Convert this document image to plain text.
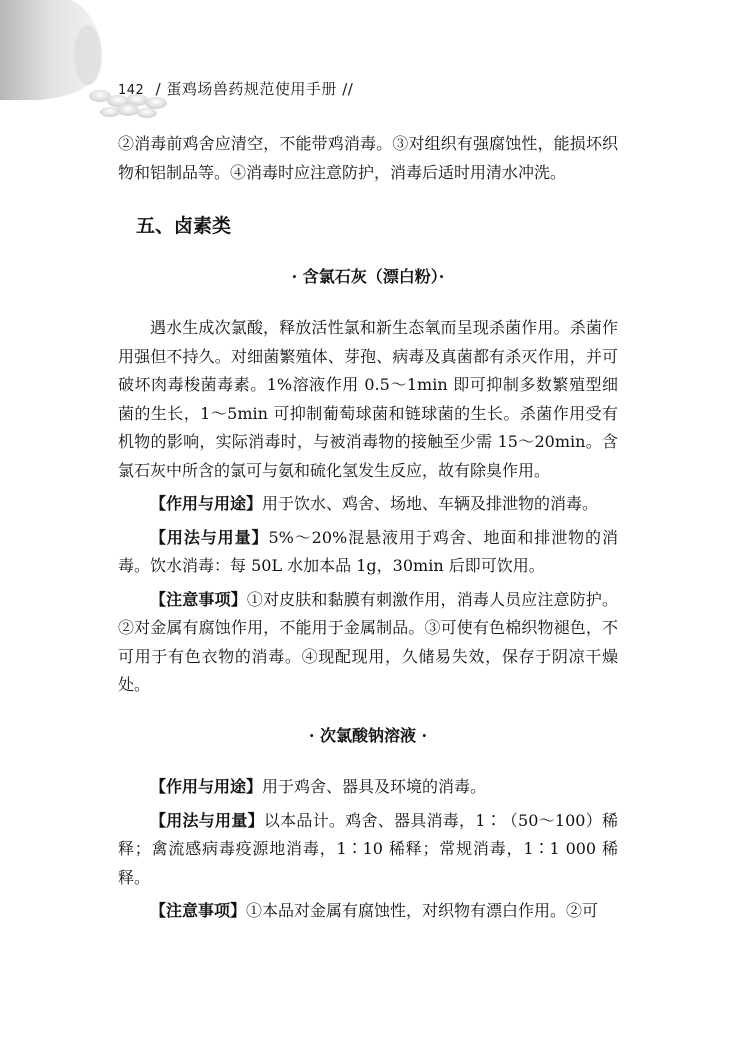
142 / 蛋鸡场兽药规范使用手册 //

②消毒前鸡舍应清空，不能带鸡消毒。③对组织有强腐蚀性，能损坏织物和铝制品等。④消毒时应注意防护，消毒后适时用清水冲洗。

五、卤素类
· 含氯石灰（漂白粉）·

遇水生成次氯酸，释放活性氯和新生态氧而呈现杀菌作用。杀菌作用强但不持久。对细菌繁殖体、芽孢、病毒及真菌都有杀灭作用，并可破坏肉毒梭菌毒素。1%溶液作用 0.5～1min 即可抑制多数繁殖型细菌的生长，1～5min 可抑制葡萄球菌和链球菌的生长。杀菌作用受有机物的影响，实际消毒时，与被消毒物的接触至少需 15～20min。含氯石灰中所含的氯可与氨和硫化氢发生反应，故有除臭作用。

【作用与用途】用于饮水、鸡舍、场地、车辆及排泄物的消毒。

【用法与用量】5%～20%混悬液用于鸡舍、地面和排泄物的消毒。饮水消毒：每 50L 水加本品 1g，30min 后即可饮用。

【注意事项】①对皮肤和黏膜有刺激作用，消毒人员应注意防护。②对金属有腐蚀作用，不能用于金属制品。③可使有色棉织物褪色，不可用于有色衣物的消毒。④现配现用，久储易失效，保存于阴凉干燥处。

· 次氯酸钠溶液 ·

【作用与用途】用于鸡舍、器具及环境的消毒。

【用法与用量】以本品计。鸡舍、器具消毒，1∶（50～100）稀释；禽流感病毒疫源地消毒，1∶10 稀释；常规消毒，1∶1 000 稀释。

【注意事项】①本品对金属有腐蚀性，对织物有漂白作用。②可
